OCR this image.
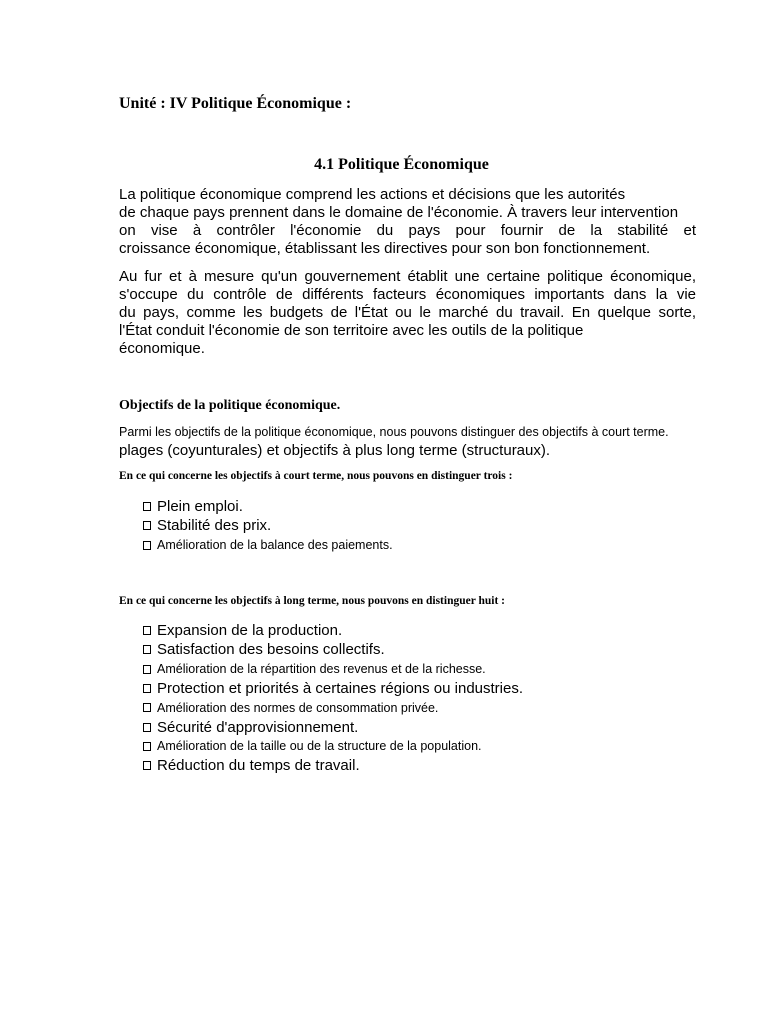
Unité : IV Politique Économique :
4.1 Politique Économique
La politique économique comprend les actions et décisions que les autorités
de chaque pays prennent dans le domaine de l'économie. À travers leur intervention
on vise à contrôler l'économie du pays pour fournir de la stabilité et
croissance économique, établissant les directives pour son bon fonctionnement.
Au fur et à mesure qu'un gouvernement établit une certaine politique économique,
s'occupe du contrôle de différents facteurs économiques importants dans la vie
du pays, comme les budgets de l'État ou le marché du travail. En quelque sorte,
l'État conduit l'économie de son territoire avec les outils de la politique
économique.
Objectifs de la politique économique.
Parmi les objectifs de la politique économique, nous pouvons distinguer des objectifs à court terme.
plages (coyunturales) et objectifs à plus long terme (structuraux).
En ce qui concerne les objectifs à court terme, nous pouvons en distinguer trois :
Plein emploi.
Stabilité des prix.
Amélioration de la balance des paiements.
En ce qui concerne les objectifs à long terme, nous pouvons en distinguer huit :
Expansion de la production.
Satisfaction des besoins collectifs.
Amélioration de la répartition des revenus et de la richesse.
Protection et priorités à certaines régions ou industries.
Amélioration des normes de consommation privée.
Sécurité d'approvisionnement.
Amélioration de la taille ou de la structure de la population.
Réduction du temps de travail.
